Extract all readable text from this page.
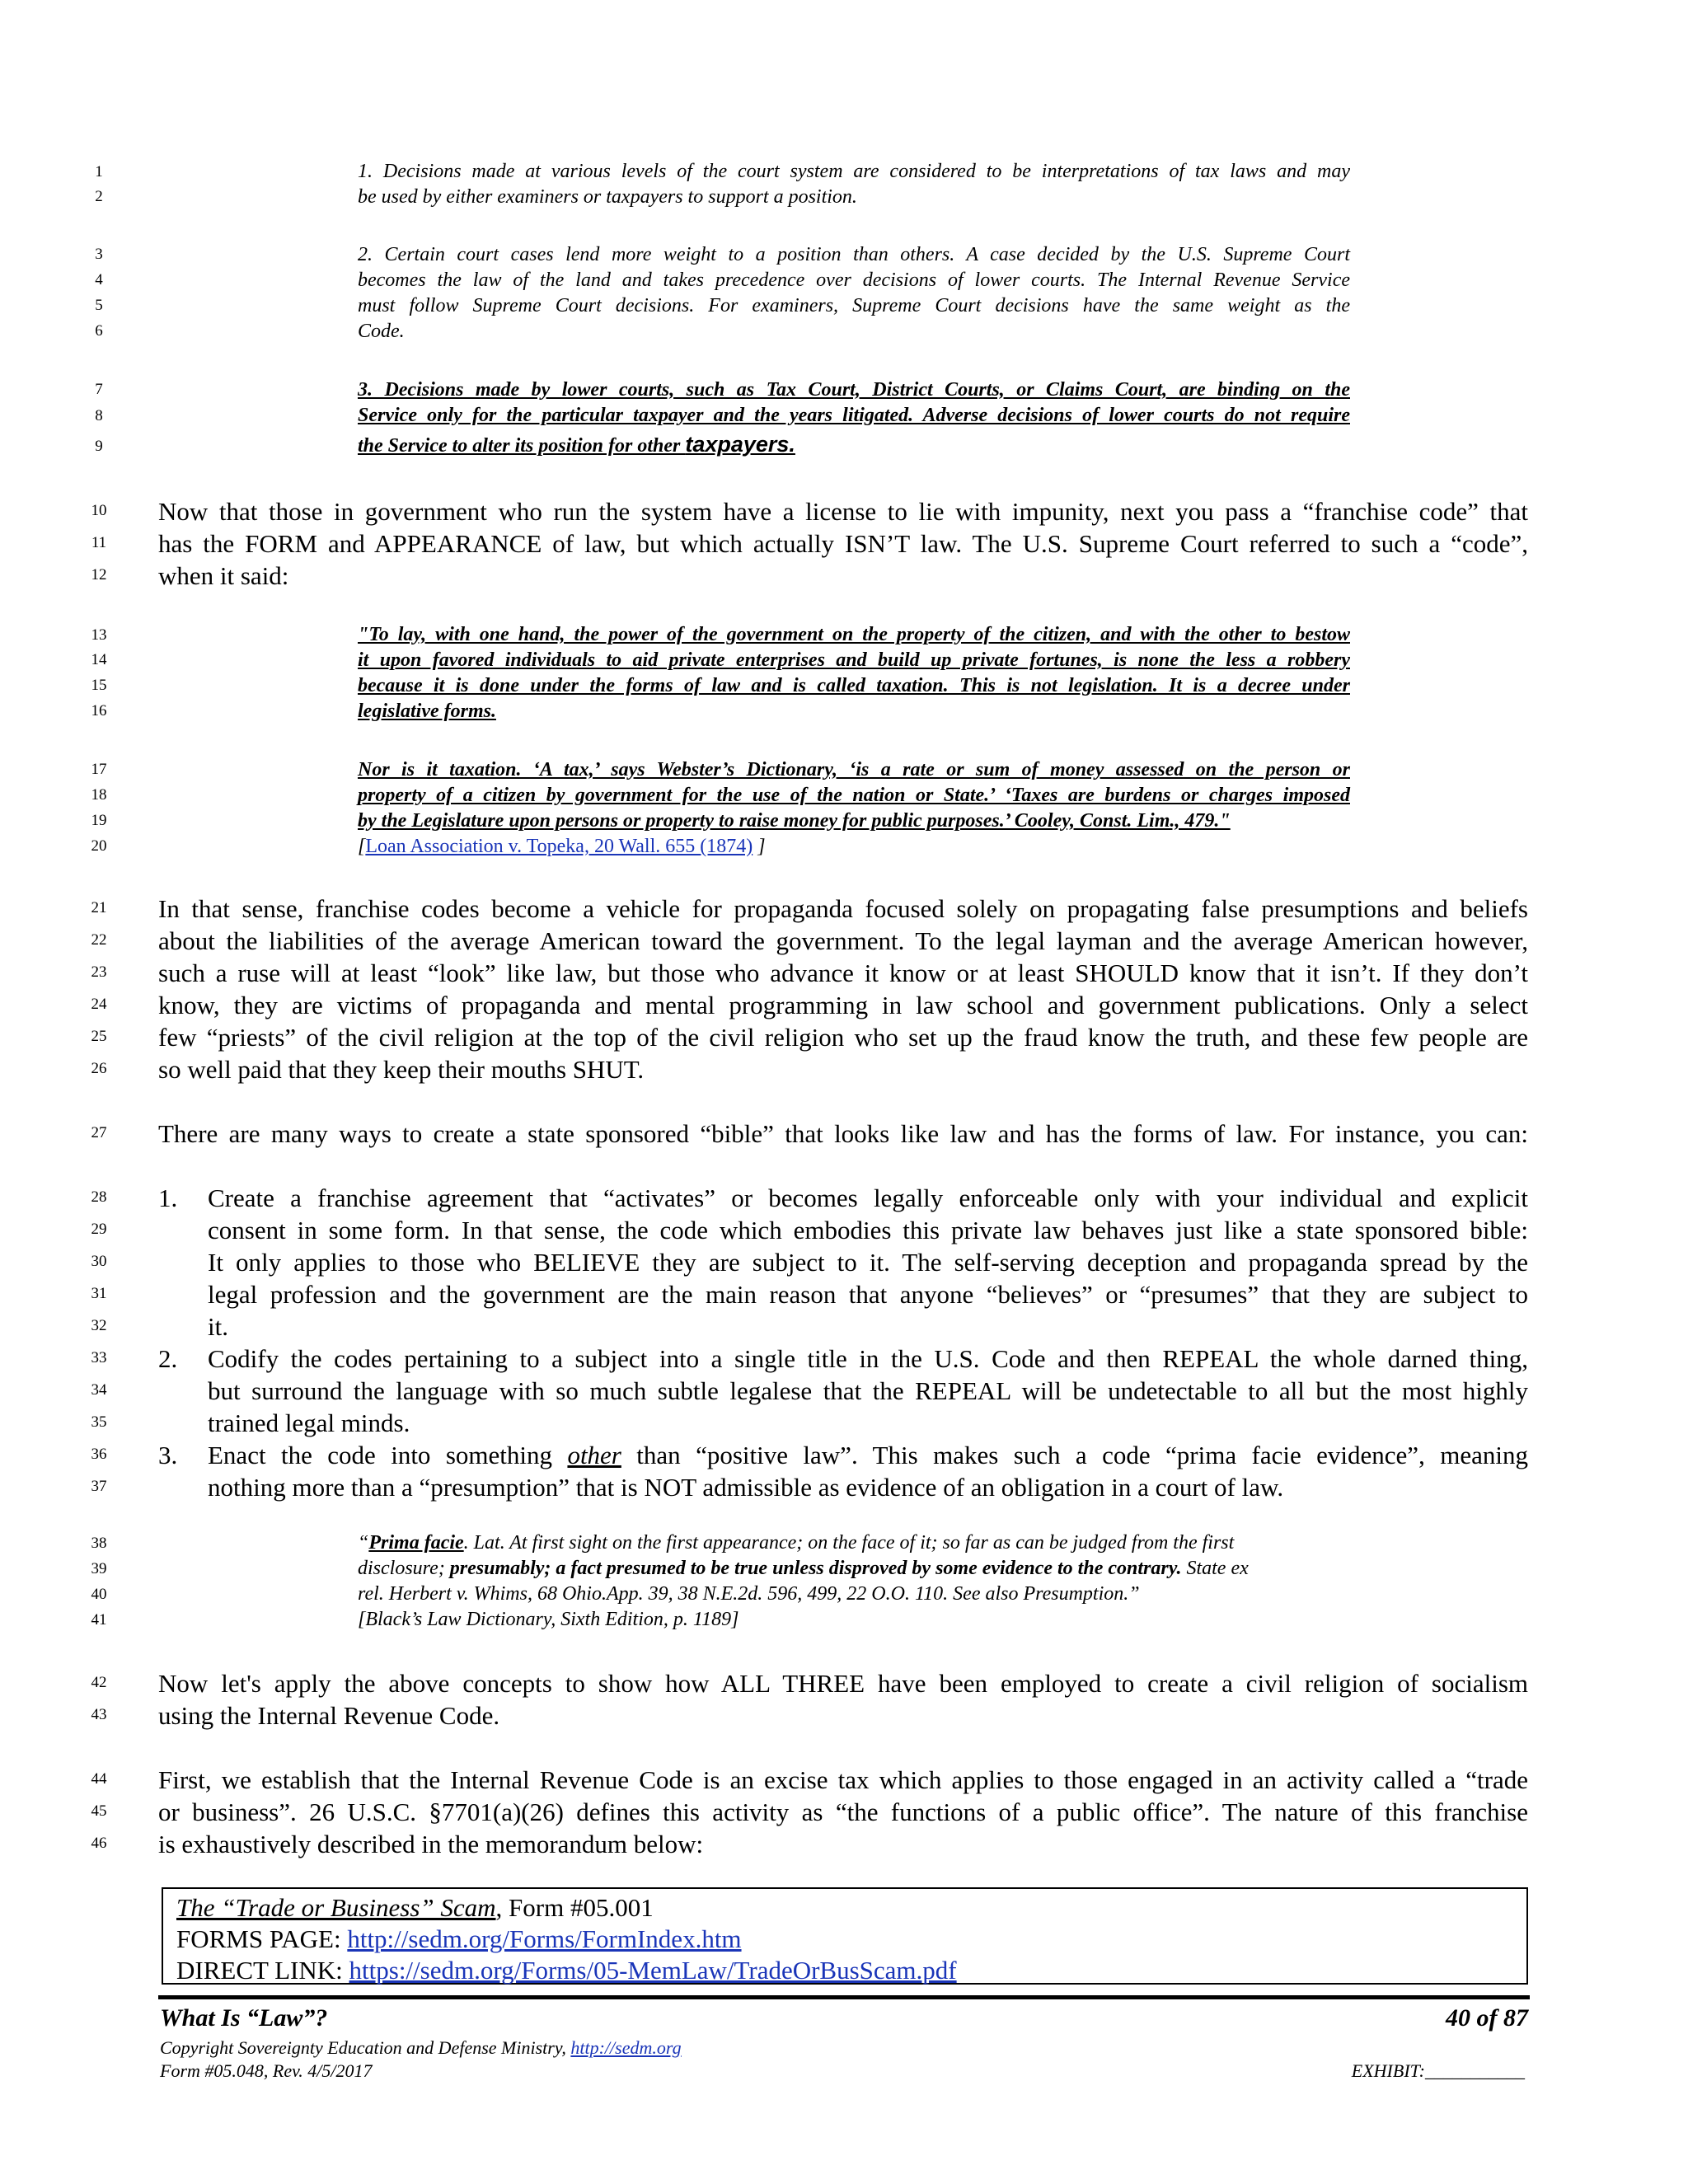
1
2
3
4
5
6
7
8
9
10
11
12
13
14
15
16
17
18
19
20
21
22
23
24
25
26
27
28
29
30
31
32
33
34
35
36
37
38
39
40
41
42
43
44
45
46
1. Decisions made at various levels of the court system are considered to be interpretations of tax laws and may
be used by either examiners or taxpayers to support a position.
2. Certain court cases lend more weight to a position than others. A case decided by the U.S. Supreme Court
becomes the law of the land and takes precedence over decisions of lower courts. The Internal Revenue Service
must follow Supreme Court decisions. For examiners, Supreme Court decisions have the same weight as the
Code.
3. Decisions made by lower courts, such as Tax Court, District Courts, or Claims Court, are binding on the
Service only for the particular taxpayer and the years litigated. Adverse decisions of lower courts do not require
the Service to alter its position for other taxpayers.
Now that those in government who run the system have a license to lie with impunity, next you pass a “franchise code” that
has the FORM and APPEARANCE of law, but which actually ISN’T law. The U.S. Supreme Court referred to such a “code”,
when it said:
"To lay, with one hand, the power of the government on the property of the citizen, and with the other to bestow
it upon favored individuals to aid private enterprises and build up private fortunes, is none the less a robbery
because it is done under the forms of law and is called taxation. This is not legislation. It is a decree under
legislative forms.
Nor is it taxation. ‘A tax,’ says Webster’s Dictionary, ‘is a rate or sum of money assessed on the person or
property of a citizen by government for the use of the nation or State.’ ‘Taxes are burdens or charges imposed
by the Legislature upon persons or property to raise money for public purposes.’ Cooley, Const. Lim., 479."
[Loan Association v. Topeka, 20 Wall. 655 (1874) ]
In that sense, franchise codes become a vehicle for propaganda focused solely on propagating false presumptions and beliefs
about the liabilities of the average American toward the government. To the legal layman and the average American however,
such a ruse will at least “look” like law, but those who advance it know or at least SHOULD know that it isn’t. If they don’t
know, they are victims of propaganda and mental programming in law school and government publications. Only a select
few “priests” of the civil religion at the top of the civil religion who set up the fraud know the truth, and these few people are
so well paid that they keep their mouths SHUT.
There are many ways to create a state sponsored “bible” that looks like law and has the forms of law. For instance, you can:
1.	Create a franchise agreement that “activates” or becomes legally enforceable only with your individual and explicit
consent in some form. In that sense, the code which embodies this private law behaves just like a state sponsored bible:
It only applies to those who BELIEVE they are subject to it. The self-serving deception and propaganda spread by the
legal profession and the government are the main reason that anyone “believes” or “presumes” that they are subject to
it.
2.	Codify the codes pertaining to a subject into a single title in the U.S. Code and then REPEAL the whole darned thing,
but surround the language with so much subtle legalese that the REPEAL will be undetectable to all but the most highly
trained legal minds.
3.	Enact the code into something other than “positive law”. This makes such a code “prima facie evidence”, meaning
nothing more than a “presumption” that is NOT admissible as evidence of an obligation in a court of law.
“Prima facie. Lat. At first sight on the first appearance; on the face of it; so far as can be judged from the first
disclosure; presumably; a fact presumed to be true unless disproved by some evidence to the contrary. State ex
rel. Herbert v. Whims, 68 Ohio.App. 39, 38 N.E.2d. 596, 499, 22 O.O. 110. See also Presumption.”
[Black’s Law Dictionary, Sixth Edition, p. 1189]
Now let's apply the above concepts to show how ALL THREE have been employed to create a civil religion of socialism
using the Internal Revenue Code.
First, we establish that the Internal Revenue Code is an excise tax which applies to those engaged in an activity called a “trade
or business”. 26 U.S.C. §7701(a)(26) defines this activity as “the functions of a public office”. The nature of this franchise
is exhaustively described in the memorandum below:
The “Trade or Business” Scam, Form #05.001
FORMS PAGE: http://sedm.org/Forms/FormIndex.htm
DIRECT LINK: https://sedm.org/Forms/05-MemLaw/TradeOrBusScam.pdf
What Is “Law”?	40 of 87
Copyright Sovereignty Education and Defense Ministry, http://sedm.org
Form #05.048, Rev. 4/5/2017	EXHIBIT:___________
